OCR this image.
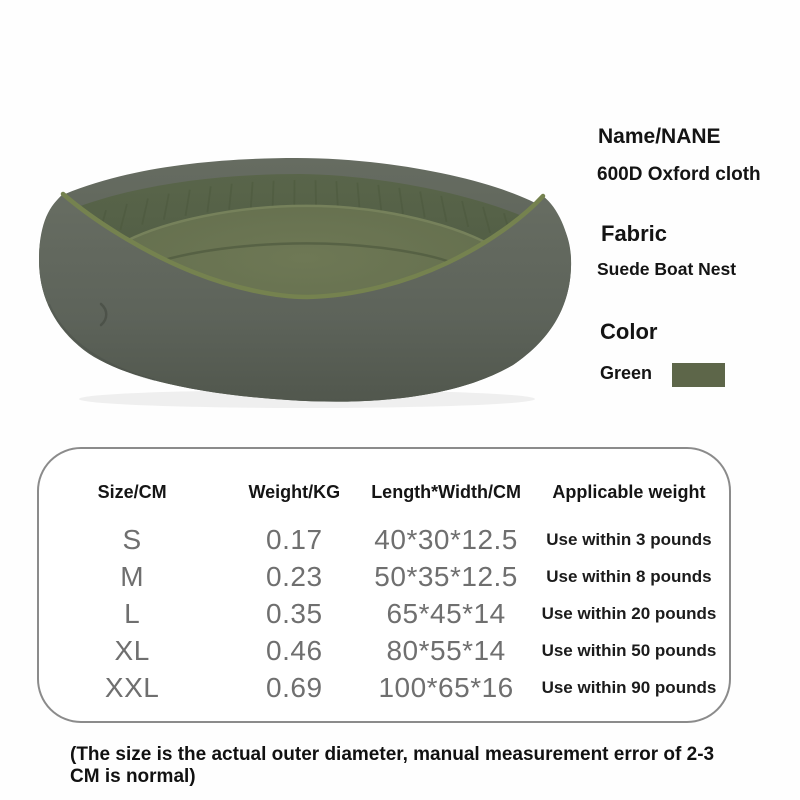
Name/NANE
600D Oxford cloth
Fabric
Suede Boat Nest
Color
Green
Size/CM	Weight/KG	Length*Width/CM	Applicable weight
S	0.17	40*30*12.5	Use within 3 pounds
M	0.23	50*35*12.5	Use within 8 pounds
L	0.35	65*45*14	Use within 20 pounds
XL	0.46	80*55*14	Use within 50 pounds
XXL	0.69	100*65*16	Use within 90 pounds
(The size is the actual outer diameter, manual measurement error of 2-3
CM is normal)
